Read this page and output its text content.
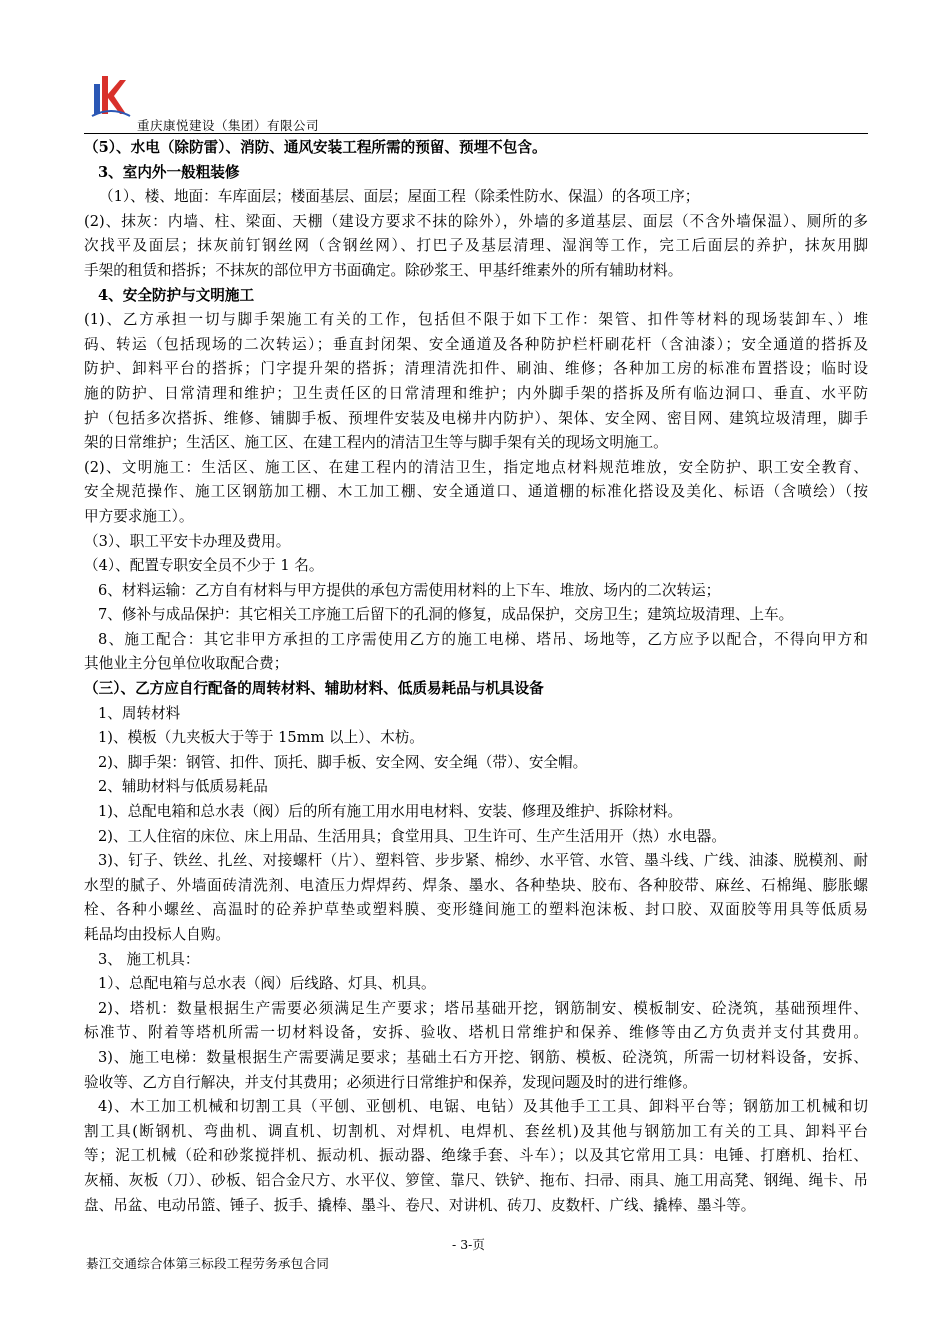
重庆康悦建设（集团）有限公司
（5）、水电（除防雷）、消防、通风安装工程所需的预留、预埋不包含。
3、室内外一般粗装修
（1）、楼、地面：车库面层；楼面基层、面层；屋面工程（除柔性防水、保温）的各项工序；
(2)、抹灰：内墙、柱、梁面、天棚（建设方要求不抹的除外），外墙的多道基层、面层（不含外墙保温）、厕所的多
次找平及面层；抹灰前钉钢丝网（含钢丝网）、打巴子及基层清理、湿润等工作，完工后面层的养护，抹灰用脚
手架的租赁和搭拆；不抹灰的部位甲方书面确定。除砂浆王、甲基纤维素外的所有辅助材料。
4、安全防护与文明施工
(1)、乙方承担一切与脚手架施工有关的工作，包括但不限于如下工作：架管、扣件等材料的现场装卸车、）堆
码、转运（包括现场的二次转运）；垂直封闭架、安全通道及各种防护栏杆刷花杆（含油漆）；安全通道的搭拆及
防护、卸料平台的搭拆；门字提升架的搭拆；清理清洗扣件、刷油、维修；各种加工房的标准布置搭设；临时设
施的防护、日常清理和维护；卫生责任区的日常清理和维护；内外脚手架的搭拆及所有临边洞口、垂直、水平防
护（包括多次搭拆、维修、铺脚手板、预埋件安装及电梯井内防护）、架体、安全网、密目网、建筑垃圾清理，脚手
架的日常维护；生活区、施工区、在建工程内的清洁卫生等与脚手架有关的现场文明施工。
(2)、文明施工：生活区、施工区、在建工程内的清洁卫生，指定地点材料规范堆放，安全防护、职工安全教育、
安全规范操作、施工区钢筋加工棚、木工加工棚、安全通道口、通道棚的标准化搭设及美化、标语（含喷绘）（按
甲方要求施工）。
（3）、职工平安卡办理及费用。
（4）、配置专职安全员不少于 1 名。
6、材料运输：乙方自有材料与甲方提供的承包方需使用材料的上下车、堆放、场内的二次转运；
7、修补与成品保护：其它相关工序施工后留下的孔洞的修复，成品保护，交房卫生；建筑垃圾清理、上车。
8、施工配合：其它非甲方承担的工序需使用乙方的施工电梯、塔吊、场地等，乙方应予以配合，不得向甲方和
其他业主分包单位收取配合费；
（三）、乙方应自行配备的周转材料、辅助材料、低质易耗品与机具设备
1、周转材料
1)、模板（九夹板大于等于 15mm 以上）、木枋。
2)、脚手架：钢管、扣件、顶托、脚手板、安全网、安全绳（带）、安全帽。
2、辅助材料与低质易耗品
1)、总配电箱和总水表（阀）后的所有施工用水用电材料、安装、修理及维护、拆除材料。
2)、工人住宿的床位、床上用品、生活用具；食堂用具、卫生许可、生产生活用开（热）水电器。
3)、钉子、铁丝、扎丝、对接螺杆（片）、塑料管、步步紧、棉纱、水平管、水管、墨斗线、广线、油漆、脱模剂、耐
水型的腻子、外墙面砖清洗剂、电渣压力焊焊药、焊条、墨水、各种垫块、胶布、各种胶带、麻丝、石棉绳、膨胀螺
栓、各种小螺丝、高温时的砼养护草垫或塑料膜、变形缝间施工的塑料泡沫板、封口胶、双面胶等用具等低质易
耗品均由投标人自购。
3、 施工机具：
1）、总配电箱与总水表（阀）后线路、灯具、机具。
2)、塔机：数量根据生产需要必须满足生产要求；塔吊基础开挖，钢筋制安、模板制安、砼浇筑，基础预埋件、
标准节、附着等塔机所需一切材料设备，安拆、验收、塔机日常维护和保养、维修等由乙方负责并支付其费用。
3)、施工电梯：数量根据生产需要满足要求；基础土石方开挖、钢筋、模板、砼浇筑，所需一切材料设备，安拆、
验收等、乙方自行解决，并支付其费用；必须进行日常维护和保养，发现问题及时的进行维修。
4)、木工加工机械和切割工具（平刨、亚刨机、电锯、电钻）及其他手工工具、卸料平台等；钢筋加工机械和切
割工具(断钢机、弯曲机、调直机、切割机、对焊机、电焊机、套丝机)及其他与钢筋加工有关的工具、卸料平台
等；泥工机械（砼和砂浆搅拌机、振动机、振动器、绝缘手套、斗车）；以及其它常用工具：电锤、打磨机、抬杠、
灰桶、灰板（刀）、砂板、铝合金尺方、水平仪、箩筐、靠尺、铁铲、拖布、扫帚、雨具、施工用高凳、钢绳、绳卡、吊
盘、吊盆、电动吊篮、锤子、扳手、撬棒、墨斗、卷尺、对讲机、砖刀、皮数杆、广线、撬棒、墨斗等。
- 3-页
綦江交通综合体第三标段工程劳务承包合同
